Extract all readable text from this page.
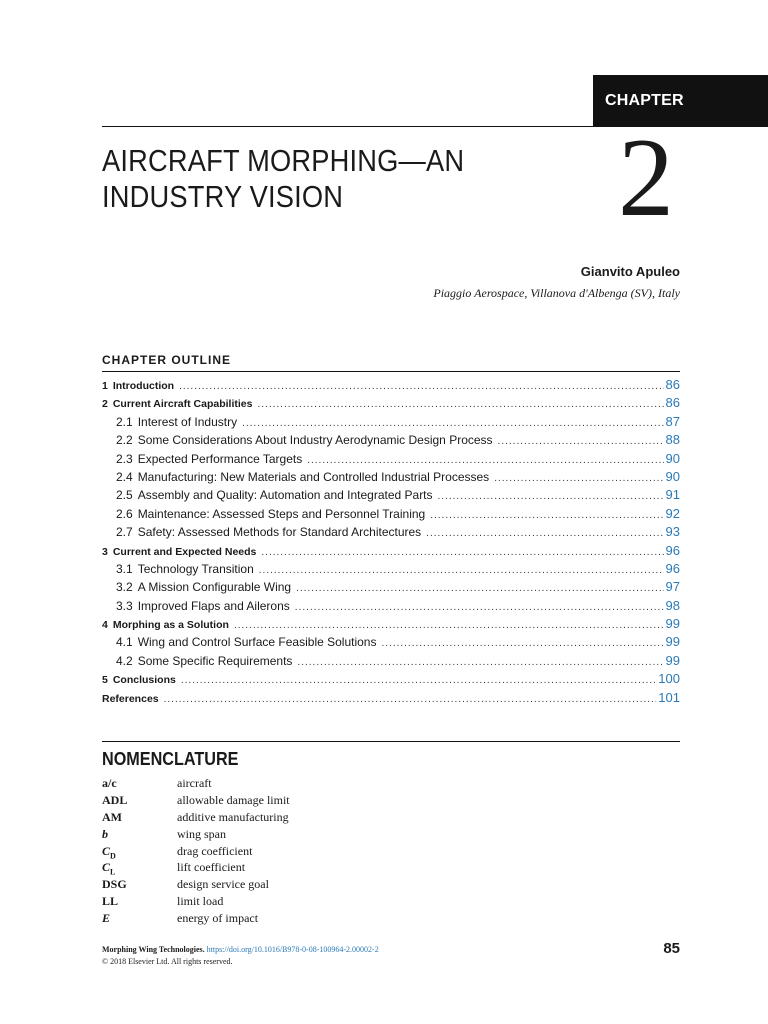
CHAPTER
AIRCRAFT MORPHING—AN
INDUSTRY VISION	2
Gianvito Apuleo
Piaggio Aerospace, Villanova d'Albenga (SV), Italy
CHAPTER OUTLINE
1 Introduction .....	86
2 Current Aircraft Capabilities .....	86
2.1 Interest of Industry .....	87
2.2 Some Considerations About Industry Aerodynamic Design Process .....	88
2.3 Expected Performance Targets .....	90
2.4 Manufacturing: New Materials and Controlled Industrial Processes .....	90
2.5 Assembly and Quality: Automation and Integrated Parts .....	91
2.6 Maintenance: Assessed Steps and Personnel Training .....	92
2.7 Safety: Assessed Methods for Standard Architectures .....	93
3 Current and Expected Needs .....	96
3.1 Technology Transition .....	96
3.2 A Mission Configurable Wing .....	97
3.3 Improved Flaps and Ailerons .....	98
4 Morphing as a Solution .....	99
4.1 Wing and Control Surface Feasible Solutions .....	99
4.2 Some Specific Requirements .....	99
5 Conclusions .....	100
References .....	101
NOMENCLATURE
a/c	aircraft
ADL	allowable damage limit
AM	additive manufacturing
b	wing span
$C_D$	drag coefficient
$C_L$	lift coefficient
DSG	design service goal
LL	limit load
E	energy of impact
Morphing Wing Technologies. https://doi.org/10.1016/B978-0-08-100964-2.00002-2
© 2018 Elsevier Ltd. All rights reserved.
85
